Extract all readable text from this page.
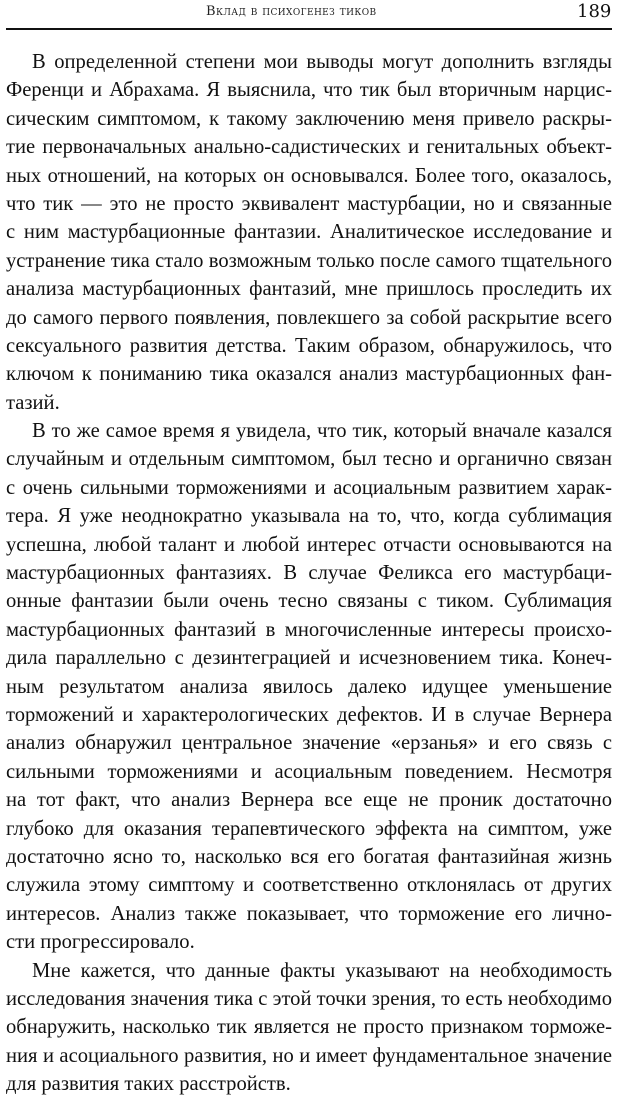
Вклад в психогенез тиков	189
В определенной степени мои выводы могут дополнить взгляды
Ференци и Абрахама. Я выяснила, что тик был вторичным нарцис-
сическим симптомом, к такому заключению меня привело раскры-
тие первоначальных анально-садистических и генитальных объект-
ных отношений, на которых он основывался. Более того, оказалось,
что тик — это не просто эквивалент мастурбации, но и связанные
с ним мастурбационные фантазии. Аналитическое исследование и
устранение тика стало возможным только после самого тщательного
анализа мастурбационных фантазий, мне пришлось проследить их
до самого первого появления, повлекшего за собой раскрытие всего
сексуального развития детства. Таким образом, обнаружилось, что
ключом к пониманию тика оказался анализ мастурбационных фан-
тазий.
В то же самое время я увидела, что тик, который вначале казался
случайным и отдельным симптомом, был тесно и органично связан
с очень сильными торможениями и асоциальным развитием харак-
тера. Я уже неоднократно указывала на то, что, когда сублимация
успешна, любой талант и любой интерес отчасти основываются на
мастурбационных фантазиях. В случае Феликса его мастурбаци-
онные фантазии были очень тесно связаны с тиком. Сублимация
мастурбационных фантазий в многочисленные интересы происхо-
дила параллельно с дезинтеграцией и исчезновением тика. Конеч-
ным результатом анализа явилось далеко идущее уменьшение
торможений и характерологических дефектов. И в случае Вернера
анализ обнаружил центральное значение «ерзанья» и его связь с
сильными торможениями и асоциальным поведением. Несмотря
на тот факт, что анализ Вернера все еще не проник достаточно
глубоко для оказания терапевтического эффекта на симптом, уже
достаточно ясно то, насколько вся его богатая фантазийная жизнь
служила этому симптому и соответственно отклонялась от других
интересов. Анализ также показывает, что торможение его лично-
сти прогрессировало.
Мне кажется, что данные факты указывают на необходимость
исследования значения тика с этой точки зрения, то есть необходимо
обнаружить, насколько тик является не просто признаком торможе-
ния и асоциального развития, но и имеет фундаментальное значение
для развития таких расстройств.
